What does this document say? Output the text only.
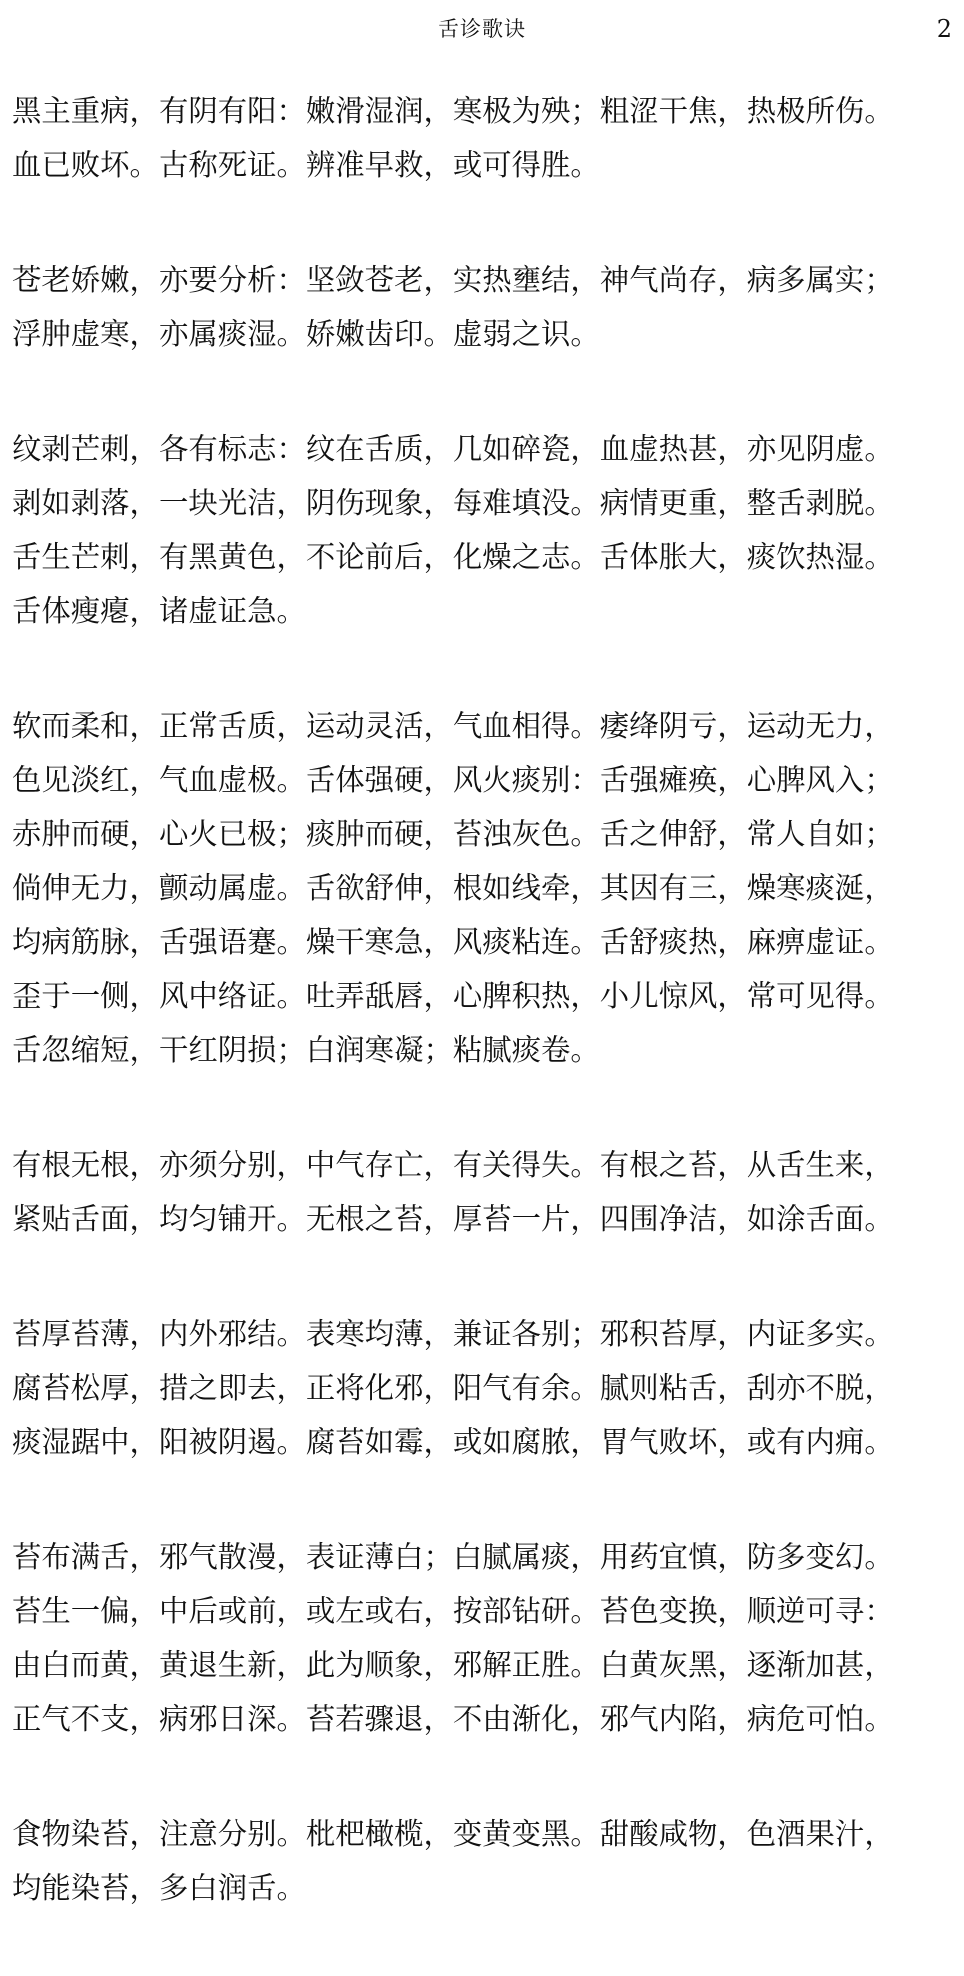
舌诊歌诀	2
黑主重病，有阴有阳：嫩滑湿润，寒极为殃；粗涩干焦，热极所伤。
血已败坏。古称死证。辨准早救，或可得胜。
苍老娇嫩，亦要分析：坚敛苍老，实热壅结，神气尚存，病多属实；
浮肿虚寒，亦属痰湿。娇嫩齿印。虚弱之识。
纹剥芒刺，各有标志：纹在舌质，几如碎瓷，血虚热甚，亦见阴虚。
剥如剥落，一块光洁，阴伤现象，每难填没。病情更重，整舌剥脱。
舌生芒刺，有黑黄色，不论前后，化燥之志。舌体胀大，痰饮热湿。
舌体瘦瘪，诸虚证急。
软而柔和，正常舌质，运动灵活，气血相得。痿绛阴亏，运动无力，
色见淡红，气血虚极。舌体强硬，风火痰别：舌强瘫痪，心脾风入；
赤肿而硬，心火已极；痰肿而硬，苔浊灰色。舌之伸舒，常人自如；
倘伸无力，颤动属虚。舌欲舒伸，根如线牵，其因有三，燥寒痰涎，
均病筋脉，舌强语蹇。燥干寒急，风痰粘连。舌舒痰热，麻痹虚证。
歪于一侧，风中络证。吐弄舐唇，心脾积热，小儿惊风，常可见得。
舌忽缩短，干红阴损；白润寒凝；粘腻痰卷。
有根无根，亦须分别，中气存亡，有关得失。有根之苔，从舌生来，
紧贴舌面，均匀铺开。无根之苔，厚苔一片，四围净洁，如涂舌面。
苔厚苔薄，内外邪结。表寒均薄，兼证各别；邪积苔厚，内证多实。
腐苔松厚，措之即去，正将化邪，阳气有余。腻则粘舌，刮亦不脱，
痰湿踞中，阳被阴遏。腐苔如霉，或如腐脓，胃气败坏，或有内痈。
苔布满舌，邪气散漫，表证薄白；白腻属痰，用药宜慎，防多变幻。
苔生一偏，中后或前，或左或右，按部钻研。苔色变换，顺逆可寻：
由白而黄，黄退生新，此为顺象，邪解正胜。白黄灰黑，逐渐加甚，
正气不支，病邪日深。苔若骤退，不由渐化，邪气内陷，病危可怕。
食物染苔，注意分别。枇杷橄榄，变黄变黑。甜酸咸物，色酒果汁，
均能染苔，多白润舌。
